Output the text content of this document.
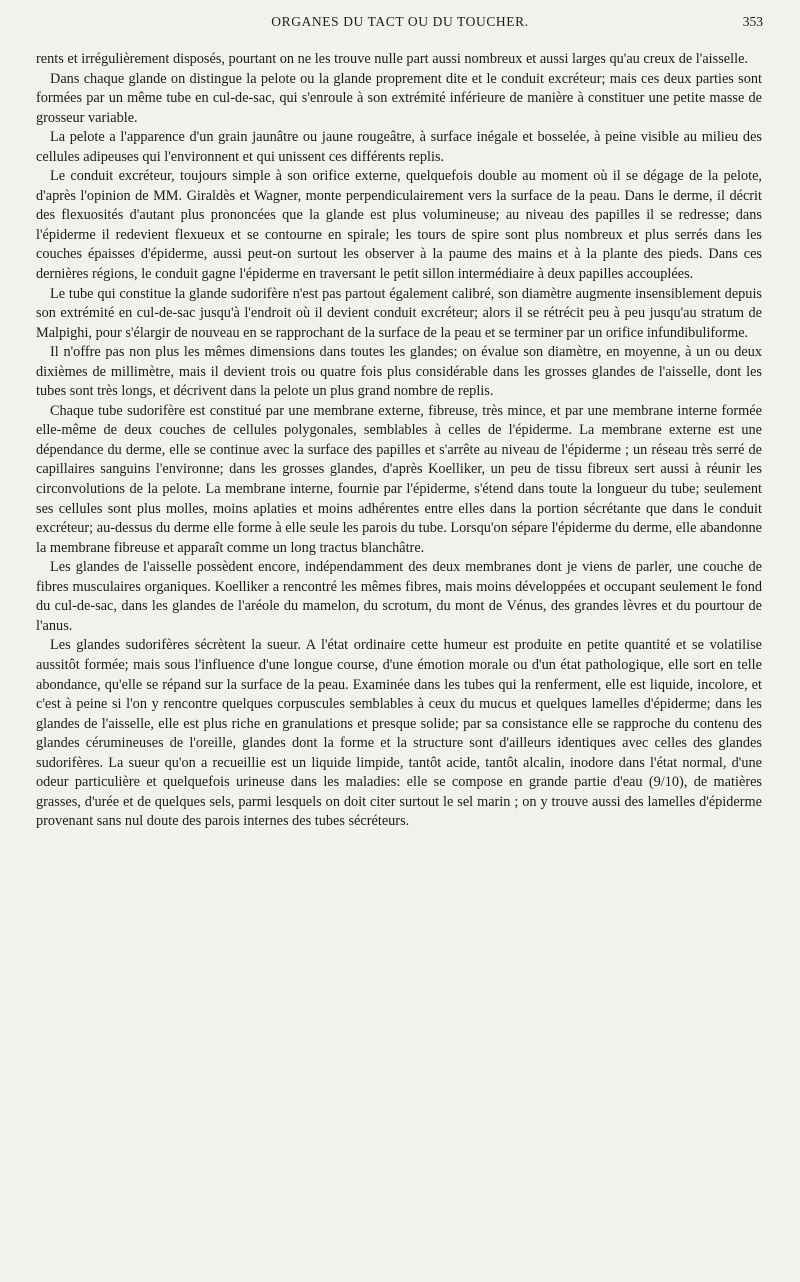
ORGANES DU TACT OU DU TOUCHER.	353

rents et irrégulièrement disposés, pourtant on ne les trouve nulle part aussi nombreux et aussi larges qu'au creux de l'aisselle.

Dans chaque glande on distingue la pelote ou la glande proprement dite et le conduit excréteur; mais ces deux parties sont formées par un même tube en cul-de-sac, qui s'enroule à son extrémité inférieure de manière à constituer une petite masse de grosseur variable.

La pelote a l'apparence d'un grain jaunâtre ou jaune rougeâtre, à surface inégale et bosselée, à peine visible au milieu des cellules adipeuses qui l'environnent et qui unissent ces différents replis.

Le conduit excréteur, toujours simple à son orifice externe, quelquefois double au moment où il se dégage de la pelote, d'après l'opinion de MM. Giraldès et Wagner, monte perpendiculairement vers la surface de la peau. Dans le derme, il décrit des flexuosités d'autant plus prononcées que la glande est plus volumineuse; au niveau des papilles il se redresse; dans l'épiderme il redevient flexueux et se contourne en spirale; les tours de spire sont plus nombreux et plus serrés dans les couches épaisses d'épiderme, aussi peut-on surtout les observer à la paume des mains et à la plante des pieds. Dans ces dernières régions, le conduit gagne l'épiderme en traversant le petit sillon intermédiaire à deux papilles accouplées.

Le tube qui constitue la glande sudorifère n'est pas partout également calibré, son diamètre augmente insensiblement depuis son extrémité en cul-de-sac jusqu'à l'endroit où il devient conduit excréteur; alors il se rétrécit peu à peu jusqu'au stratum de Malpighi, pour s'élargir de nouveau en se rapprochant de la surface de la peau et se terminer par un orifice infundibuliforme.

Il n'offre pas non plus les mêmes dimensions dans toutes les glandes; on évalue son diamètre, en moyenne, à un ou deux dixièmes de millimètre, mais il devient trois ou quatre fois plus considérable dans les grosses glandes de l'aisselle, dont les tubes sont très longs, et décrivent dans la pelote un plus grand nombre de replis.

Chaque tube sudorifère est constitué par une membrane externe, fibreuse, très mince, et par une membrane interne formée elle-même de deux couches de cellules polygonales, semblables à celles de l'épiderme. La membrane externe est une dépendance du derme, elle se continue avec la surface des papilles et s'arrête au niveau de l'épiderme ; un réseau très serré de capillaires sanguins l'environne; dans les grosses glandes, d'après Koelliker, un peu de tissu fibreux sert aussi à réunir les circonvolutions de la pelote. La membrane interne, fournie par l'épiderme, s'étend dans toute la longueur du tube; seulement ses cellules sont plus molles, moins aplaties et moins adhérentes entre elles dans la portion sécrétante que dans le conduit excréteur; au-dessus du derme elle forme à elle seule les parois du tube. Lorsqu'on sépare l'épiderme du derme, elle abandonne la membrane fibreuse et apparaît comme un long tractus blanchâtre.

Les glandes de l'aisselle possèdent encore, indépendamment des deux membranes dont je viens de parler, une couche de fibres musculaires organiques. Koelliker a rencontré les mêmes fibres, mais moins développées et occupant seulement le fond du cul-de-sac, dans les glandes de l'aréole du mamelon, du scrotum, du mont de Vénus, des grandes lèvres et du pourtour de l'anus.

Les glandes sudorifères sécrètent la sueur. A l'état ordinaire cette humeur est produite en petite quantité et se volatilise aussitôt formée; mais sous l'influence d'une longue course, d'une émotion morale ou d'un état pathologique, elle sort en telle abondance, qu'elle se répand sur la surface de la peau. Examinée dans les tubes qui la renferment, elle est liquide, incolore, et c'est à peine si l'on y rencontre quelques corpuscules semblables à ceux du mucus et quelques lamelles d'épiderme; dans les glandes de l'aisselle, elle est plus riche en granulations et presque solide; par sa consistance elle se rapproche du contenu des glandes cérumineuses de l'oreille, glandes dont la forme et la structure sont d'ailleurs identiques avec celles des glandes sudorifères. La sueur qu'on a recueillie est un liquide limpide, tantôt acide, tantôt alcalin, inodore dans l'état normal, d'une odeur particulière et quelquefois urineuse dans les maladies: elle se compose en grande partie d'eau (9/10), de matières grasses, d'urée et de quelques sels, parmi lesquels on doit citer surtout le sel marin ; on y trouve aussi des lamelles d'épiderme provenant sans nul doute des parois internes des tubes sécréteurs.
